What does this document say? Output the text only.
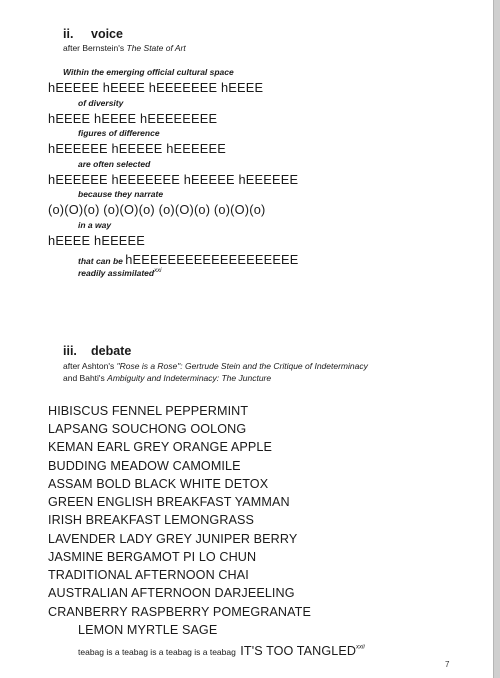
ii. voice
after Bernstein's The State of Art
Within the emerging official cultural space
hEEEEE hEEEE hEEEEEEE hEEEE
of diversity
hEEEE hEEEE hEEEEEEEE
figures of difference
hEEEEEE hEEEEE hEEEEEE
are often selected
hEEEEEE hEEEEEEE hEEEEE hEEEEEE
because they narrate
(o)(O)(o) (o)(O)(o) (o)(O)(o) (o)(O)(o)
in a way
hEEEE hEEEEE
that can be hEEEEEEEEEEEEEEEEEEE
readily assimilated$^{xxi}$
iii. debate
after Ashton's "Rose is a Rose": Gertrude Stein and the Critique of Indeterminacy
and Bahti's Ambiguity and Indeterminacy: The Juncture
HIBISCUS FENNEL PEPPERMINT
LAPSANG SOUCHONG OOLONG
KEMAN EARL GREY ORANGE APPLE
BUDDING MEADOW CAMOMILE
ASSAM BOLD BLACK WHITE DETOX
GREEN ENGLISH BREAKFAST YAMMAN
IRISH BREAKFAST LEMONGRASS
LAVENDER LADY GREY JUNIPER BERRY
JASMINE BERGAMOT PI LO CHUN
TRADITIONAL AFTERNOON CHAI
AUSTRALIAN AFTERNOON DARJEELING
CRANBERRY RASPBERRY POMEGRANATE
LEMON MYRTLE SAGE
teabag is a teabag is a teabag is a teabag IT'S TOO TANGLED$^{xxii}$
7
